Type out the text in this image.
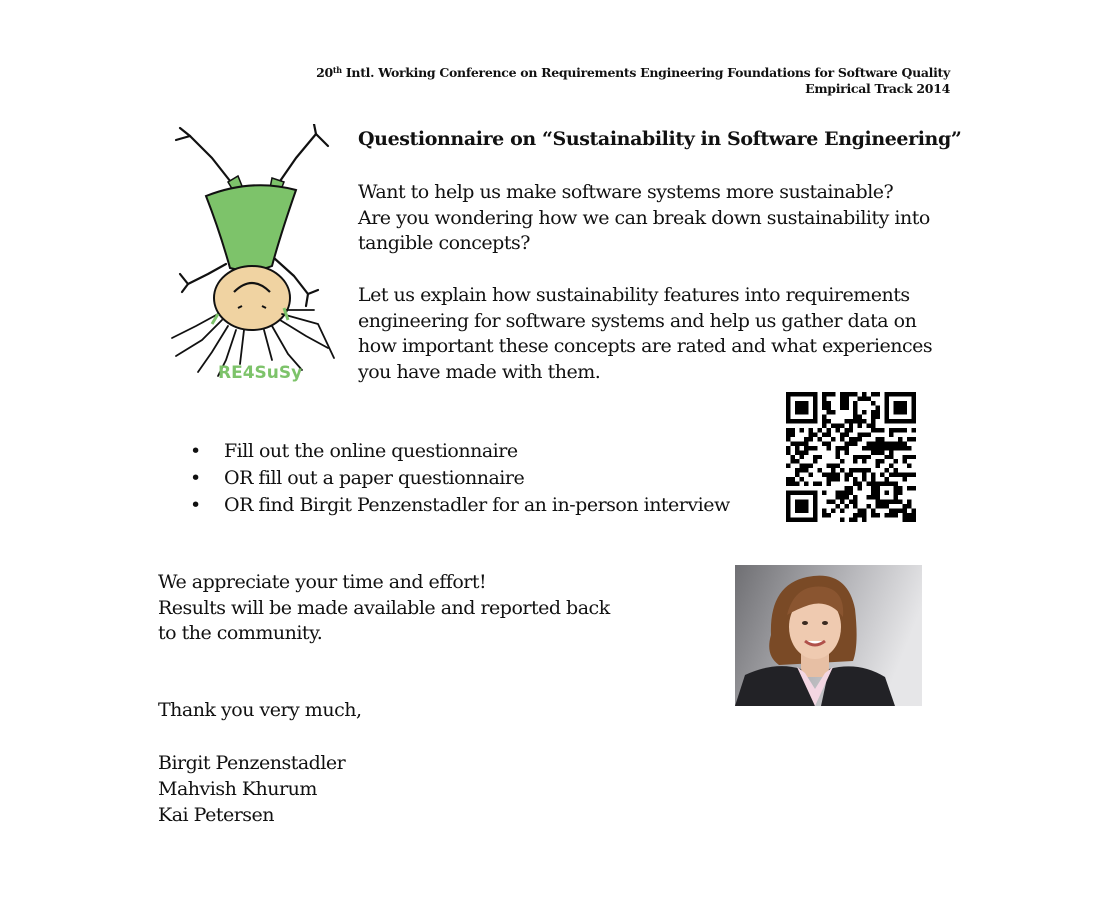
20th Intl. Working Conference on Requirements Engineering Foundations for Software Quality
Empirical Track 2014
RE4SuSy
Questionnaire on “Sustainability in Software Engineering”

Want to help us make software systems more sustainable?
Are you wondering how we can break down sustainability into
tangible concepts?

Let us explain how sustainability features into requirements
engineering for software systems and help us gather data on
how important these concepts are rated and what experiences
you have made with them.

• Fill out the online questionnaire
• OR fill out a paper questionnaire
• OR find Birgit Penzenstadler for an in-person interview
We appreciate your time and effort!
Results will be made available and reported back
to the community.
Thank you very much,
Birgit Penzenstadler
Mahvish Khurum
Kai Petersen
